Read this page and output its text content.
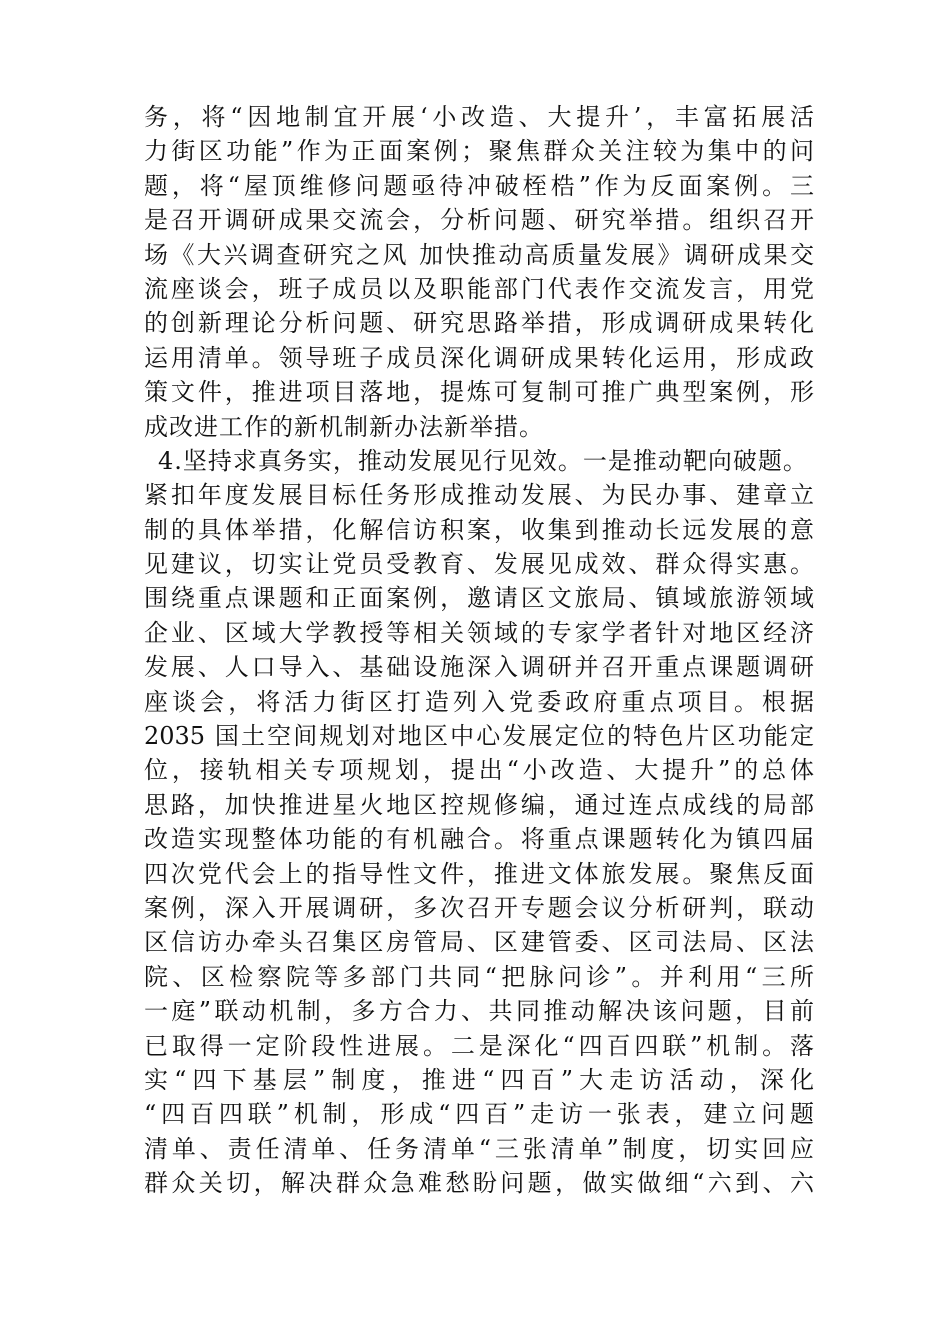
务，将“因地制宜开展‘小改造、大提升’，丰富拓展活
力街区功能”作为正面案例；聚焦群众关注较为集中的问
题，将“屋顶维修问题亟待冲破桎梏”作为反面案例。三
是召开调研成果交流会，分析问题、研究举措。组织召开
场《大兴调查研究之风 加快推动高质量发展》调研成果交
流座谈会，班子成员以及职能部门代表作交流发言，用党
的创新理论分析问题、研究思路举措，形成调研成果转化
运用清单。领导班子成员深化调研成果转化运用，形成政
策文件，推进项目落地，提炼可复制可推广典型案例，形
成改进工作的新机制新办法新举措。
4.坚持求真务实，推动发展见行见效。一是推动靶向破题。
紧扣年度发展目标任务形成推动发展、为民办事、建章立
制的具体举措，化解信访积案，收集到推动长远发展的意
见建议，切实让党员受教育、发展见成效、群众得实惠。
围绕重点课题和正面案例，邀请区文旅局、镇域旅游领域
企业、区域大学教授等相关领域的专家学者针对地区经济
发展、人口导入、基础设施深入调研并召开重点课题调研
座谈会，将活力街区打造列入党委政府重点项目。根据
2035 国土空间规划对地区中心发展定位的特色片区功能定
位，接轨相关专项规划，提出“小改造、大提升”的总体
思路，加快推进星火地区控规修编，通过连点成线的局部
改造实现整体功能的有机融合。将重点课题转化为镇四届
四次党代会上的指导性文件，推进文体旅发展。聚焦反面
案例，深入开展调研，多次召开专题会议分析研判，联动
区信访办牵头召集区房管局、区建管委、区司法局、区法
院、区检察院等多部门共同“把脉问诊”。并利用“三所
一庭”联动机制，多方合力、共同推动解决该问题，目前
已取得一定阶段性进展。二是深化“四百四联”机制。落
实“四下基层”制度，推进“四百”大走访活动，深化
“四百四联”机制，形成“四百”走访一张表，建立问题
清单、责任清单、任务清单“三张清单”制度，切实回应
群众关切，解决群众急难愁盼问题，做实做细“六到、六
